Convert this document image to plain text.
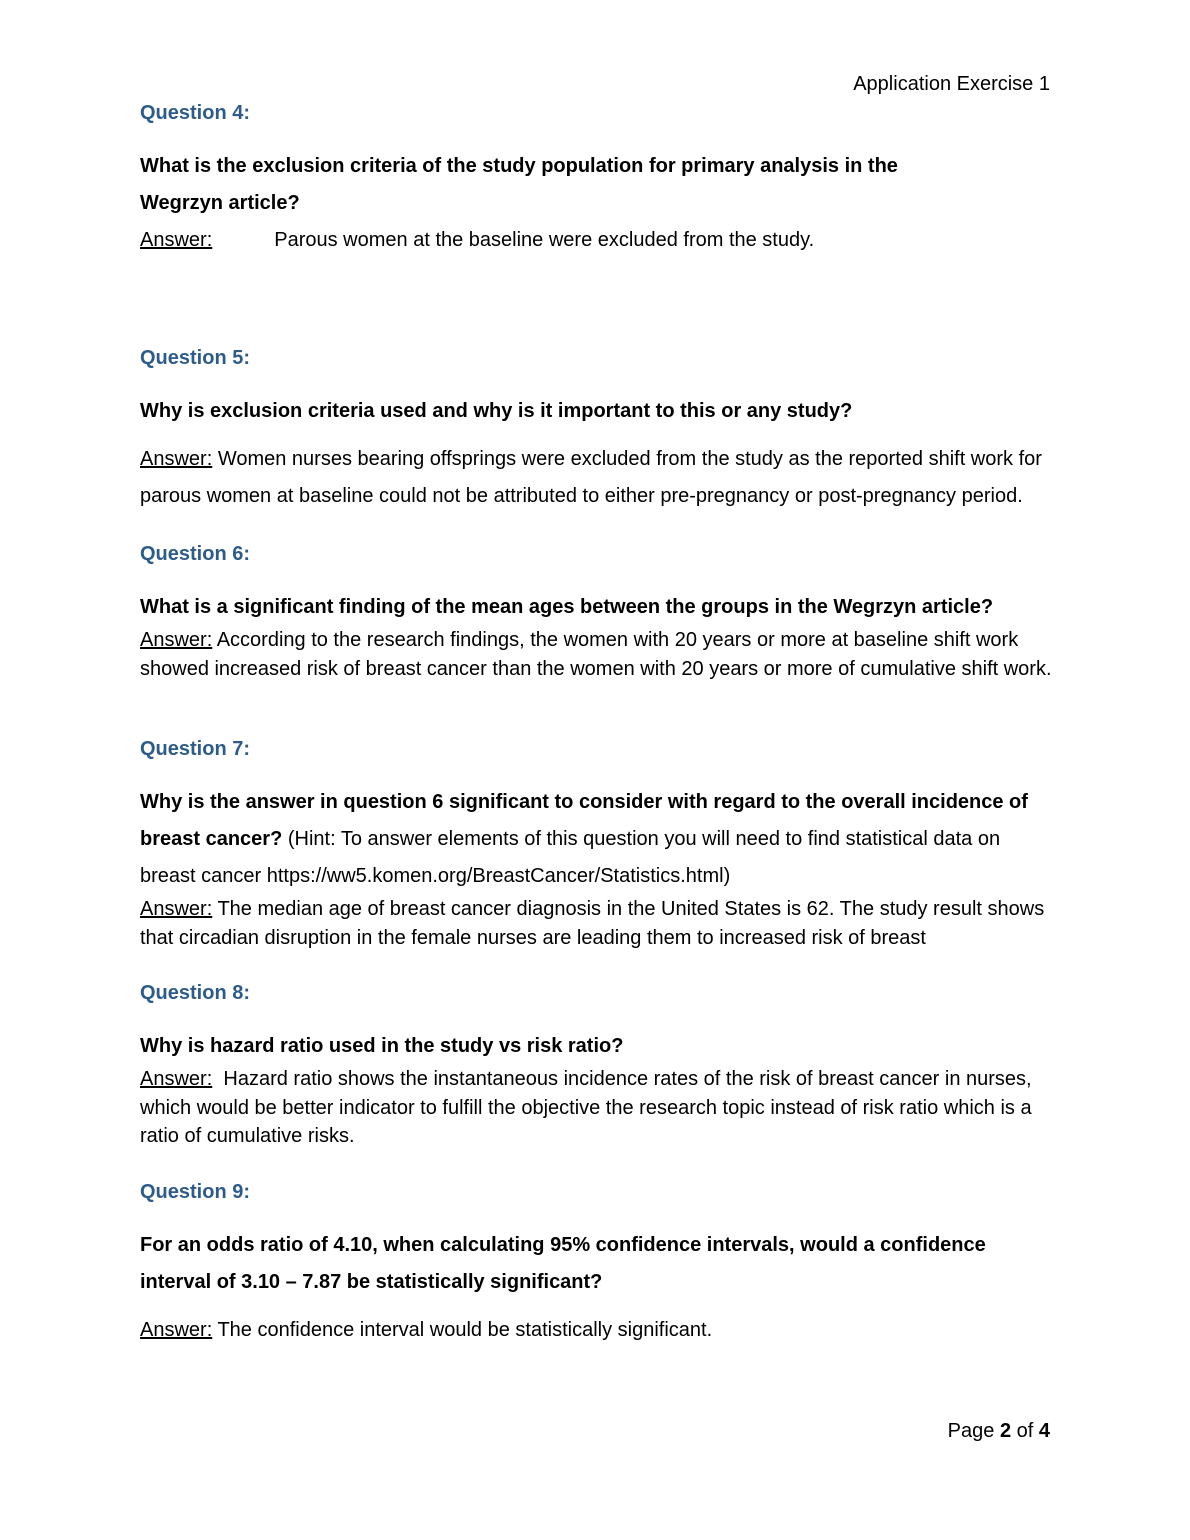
Application Exercise 1

Question 4:

What is the exclusion criteria of the study population for primary analysis in the Wegrzyn article?

Answer:	Parous women at the baseline were excluded from the study.

Question 5:

Why is exclusion criteria used and why is it important to this or any study?

Answer: Women nurses bearing offsprings were excluded from the study as the reported shift work for parous women at baseline could not be attributed to either pre-pregnancy or post-pregnancy period.

Question 6:

What is a significant finding of the mean ages between the groups in the Wegrzyn article?

Answer: According to the research findings, the women with 20 years or more at baseline shift work showed increased risk of breast cancer than the women with 20 years or more of cumulative shift work.

Question 7:

Why is the answer in question 6 significant to consider with regard to the overall incidence of breast cancer? (Hint: To answer elements of this question you will need to find statistical data on breast cancer https://ww5.komen.org/BreastCancer/Statistics.html)

Answer: The median age of breast cancer diagnosis in the United States is 62. The study result shows that circadian disruption in the female nurses are leading them to increased risk of breast

Question 8:

Why is hazard ratio used in the study vs risk ratio?

Answer: Hazard ratio shows the instantaneous incidence rates of the risk of breast cancer in nurses, which would be better indicator to fulfill the objective the research topic instead of risk ratio which is a ratio of cumulative risks.

Question 9:

For an odds ratio of 4.10, when calculating 95% confidence intervals, would a confidence interval of 3.10 – 7.87 be statistically significant?

Answer: The confidence interval would be statistically significant.

Page 2 of 4
